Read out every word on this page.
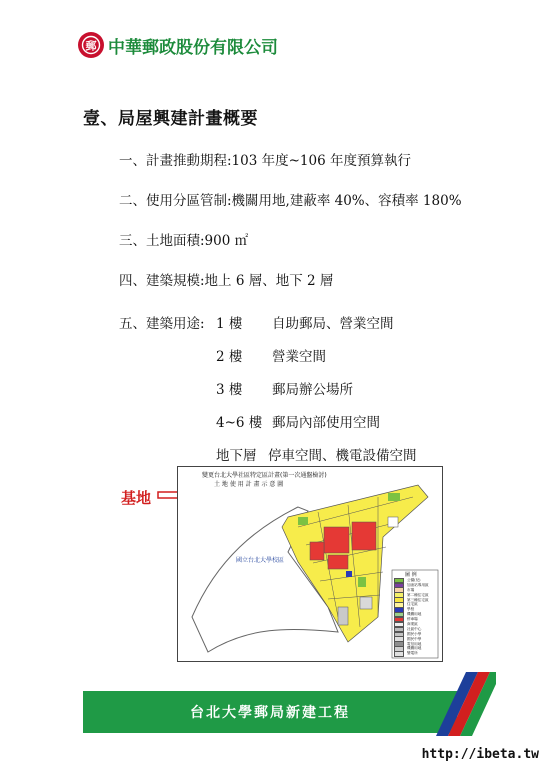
郵 中華郵政股份有限公司
壹、局屋興建計畫概要
一、計畫推動期程:103 年度~106 年度預算執行
二、使用分區管制:機關用地,建蔽率 40%、容積率 180%
三、土地面積:900 ㎡
四、建築規模:地上 6 層、地下 2 層
五、建築用途: 1 樓 自助郵局、營業空間
2 樓 營業空間
3 樓 郵局辦公場所
4~6 樓 郵局內部使用空間
地下層 停車空間、機電設備空間
基地
變更台北大學社區特定區計畫(第一次通盤檢討)
土 地 使 用 計 畫 示 意 圖
國立台北大學校區
圖 例
公園(兒)
加油站專用區
市場
第二種住宅區
第三種住宅區
住宅區
學校
機關用地
停車場
商業區
社區中心
國民小學
國民中學
電信用地
機關用地
變電所
台北大學郵局新建工程
http://ibeta.tw
